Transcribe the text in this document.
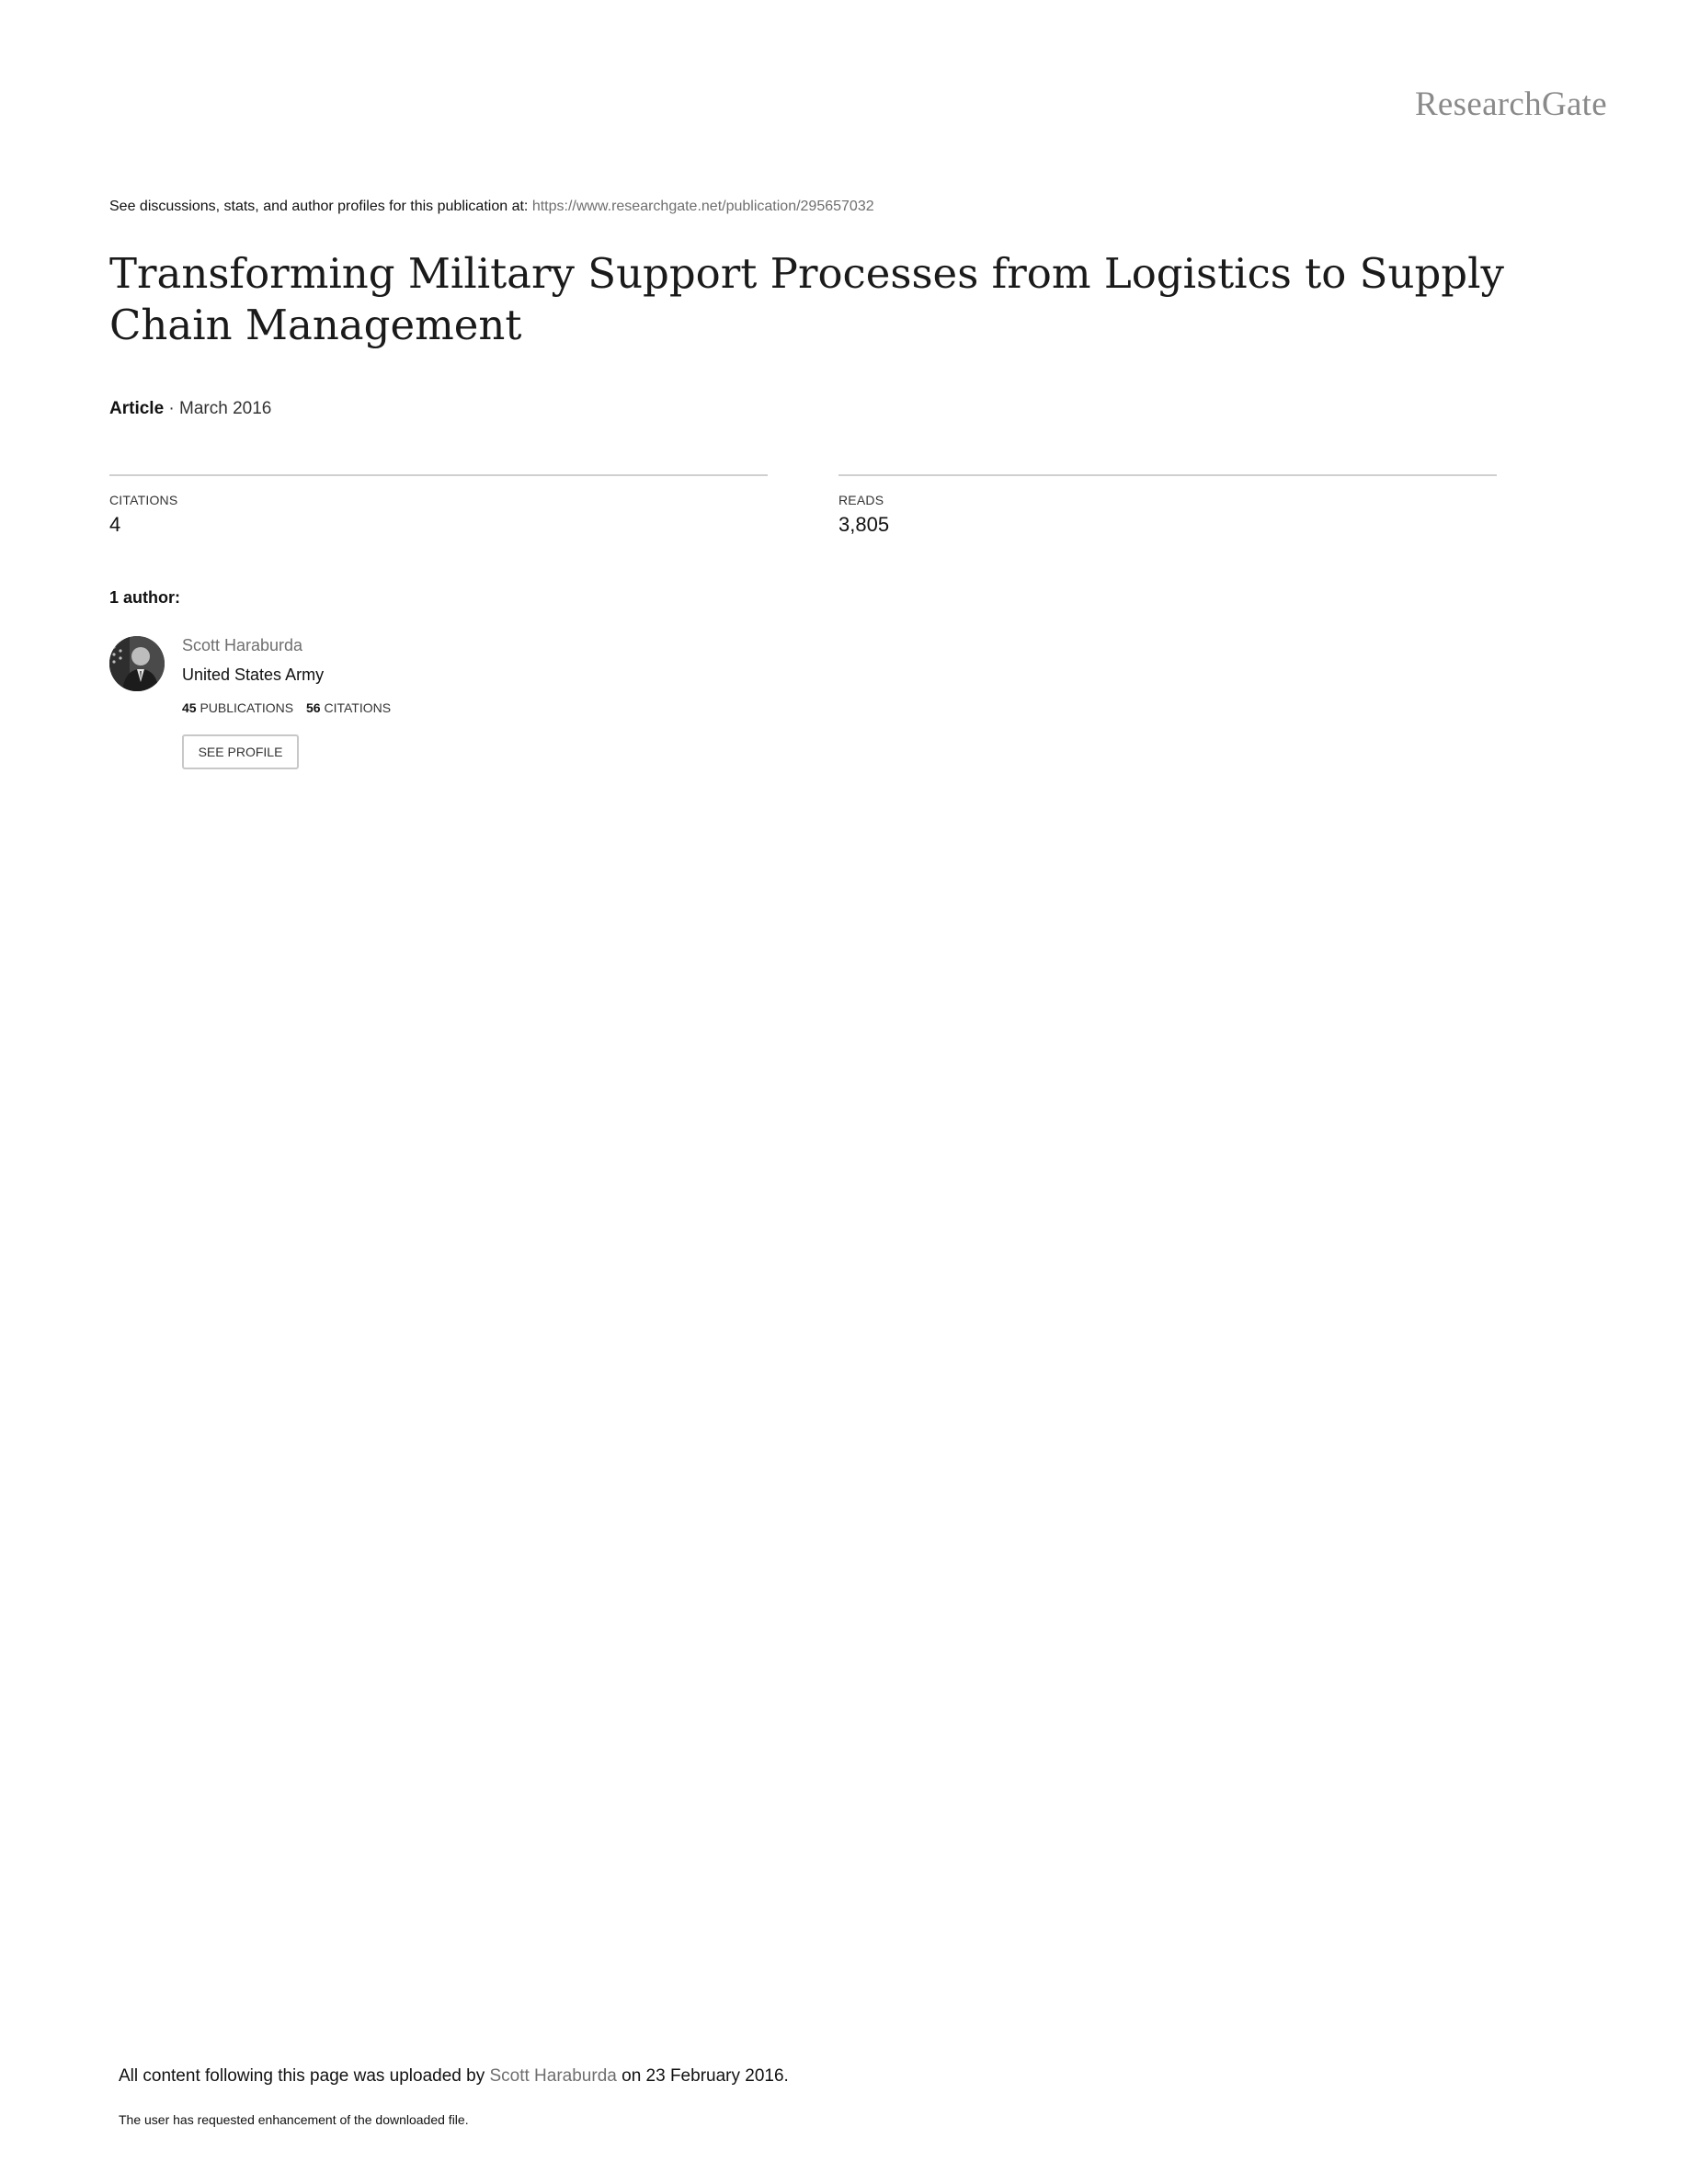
ResearchGate
See discussions, stats, and author profiles for this publication at: https://www.researchgate.net/publication/295657032
Transforming Military Support Processes from Logistics to Supply Chain Management
Article · March 2016
CITATIONS
4
READS
3,805
1 author:
Scott Haraburda
United States Army
45 PUBLICATIONS 56 CITATIONS
SEE PROFILE
All content following this page was uploaded by Scott Haraburda on 23 February 2016.
The user has requested enhancement of the downloaded file.
